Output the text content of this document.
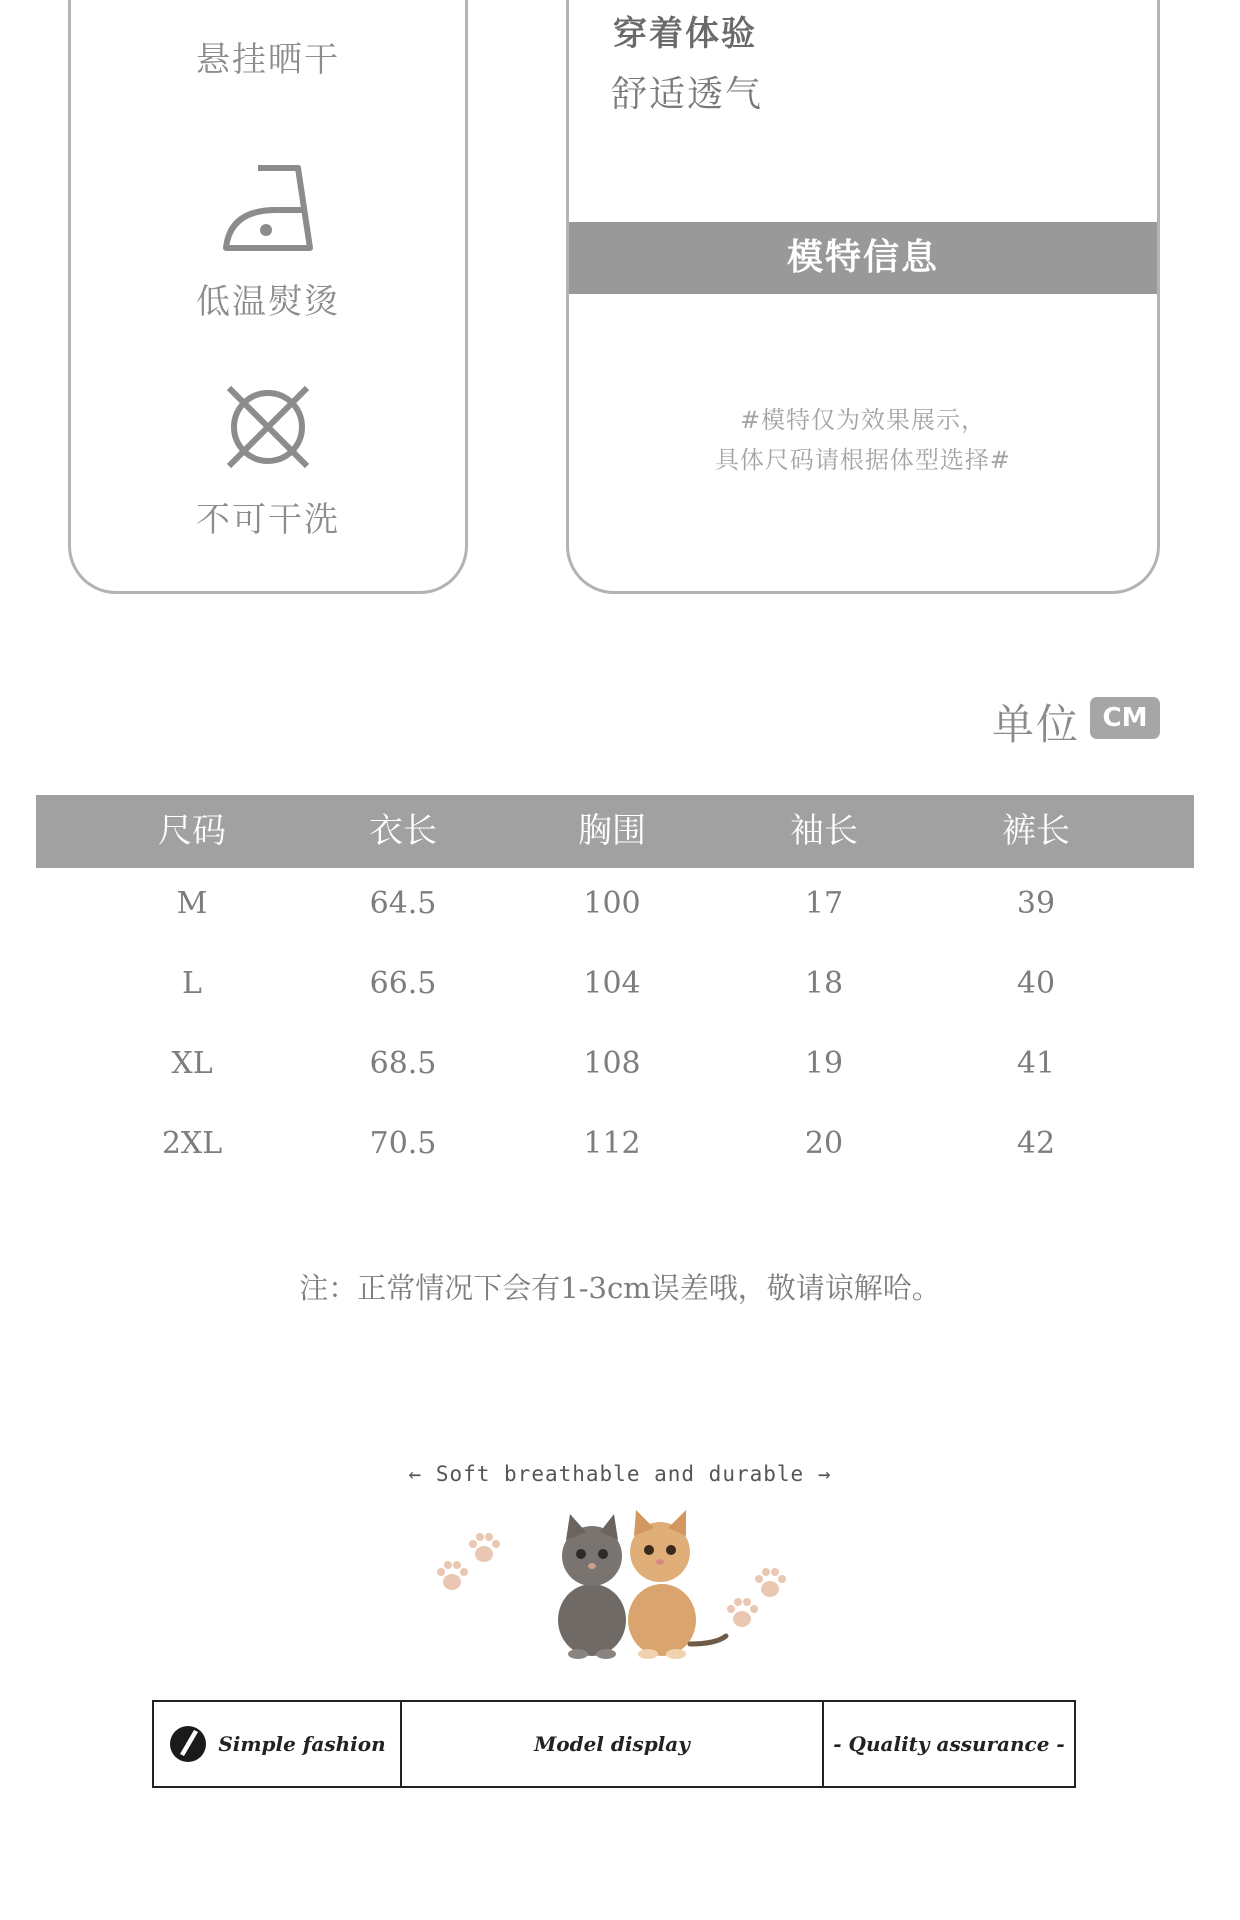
悬挂晒干
低温熨烫
不可干洗
穿着体验
舒适透气
模特信息
#模特仅为效果展示，
具体尺码请根据体型选择#
单位 CM
尺码	衣长	胸围	袖长	裤长
M	64.5	100	17	39
L	66.5	104	18	40
XL	68.5	108	19	41
2XL	70.5	112	20	42
注：正常情况下会有1-3cm误差哦，敬请谅解哈。
← Soft breathable and durable →
Simple fashion	Model display	- Quality assurance -
